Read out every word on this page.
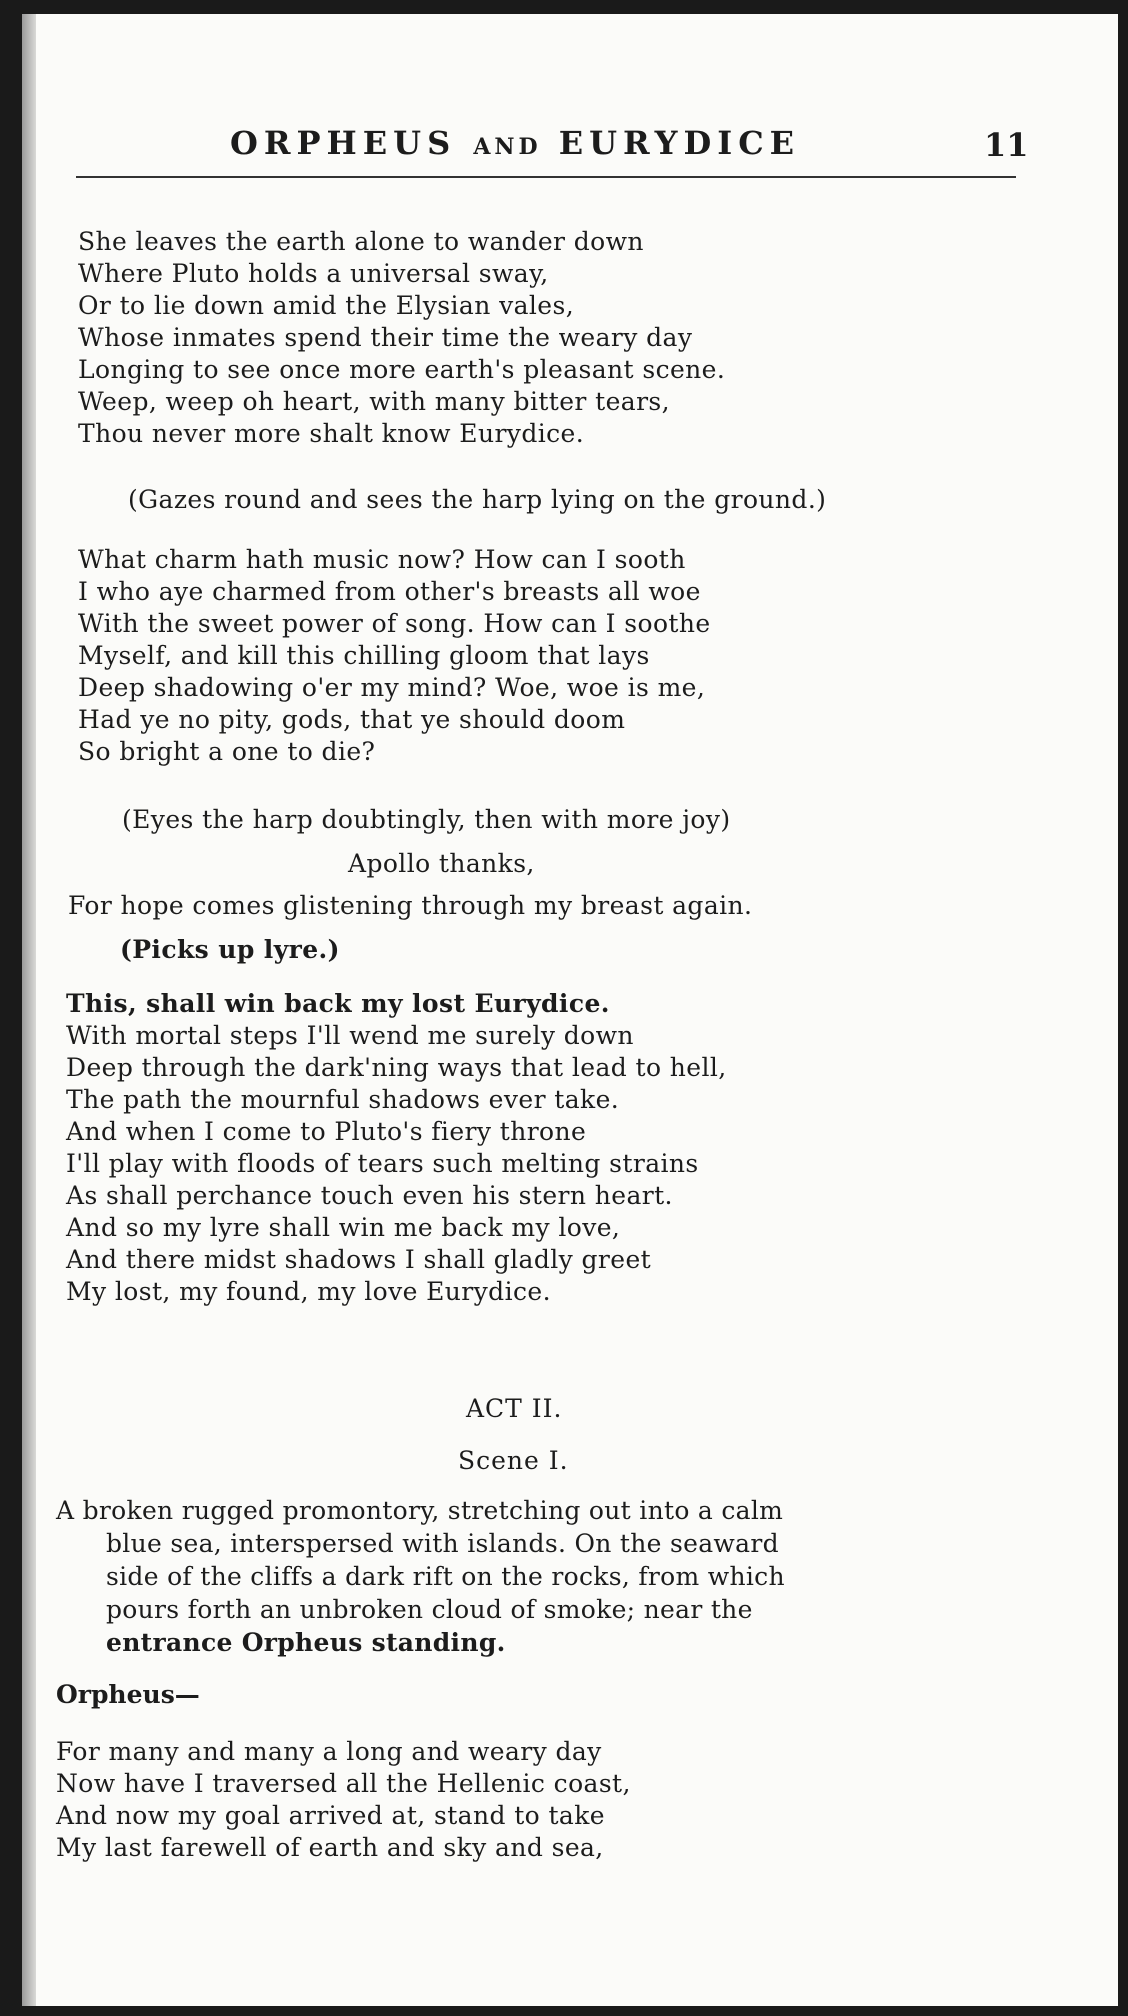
ORPHEUS AND EURYDICE	11
She leaves the earth alone to wander down
Where Pluto holds a universal sway,
Or to lie down amid the Elysian vales,
Whose inmates spend their time the weary day
Longing to see once more earth's pleasant scene.
Weep, weep oh heart, with many bitter tears,
Thou never more shalt know Eurydice.
(Gazes round and sees the harp lying on the ground.)
What charm hath music now? How can I sooth
I who aye charmed from other's breasts all woe
With the sweet power of song. How can I soothe
Myself, and kill this chilling gloom that lays
Deep shadowing o'er my mind? Woe, woe is me,
Had ye no pity, gods, that ye should doom
So bright a one to die?
(Eyes the harp doubtingly, then with more joy)
Apollo thanks,
For hope comes glistening through my breast again.
(Picks up lyre.)
This, shall win back my lost Eurydice.
With mortal steps I'll wend me surely down
Deep through the dark'ning ways that lead to hell,
The path the mournful shadows ever take.
And when I come to Pluto's fiery throne
I'll play with floods of tears such melting strains
As shall perchance touch even his stern heart.
And so my lyre shall win me back my love,
And there midst shadows I shall gladly greet
My lost, my found, my love Eurydice.
ACT II.
Scene I.
A broken rugged promontory, stretching out into a calm
blue sea, interspersed with islands. On the seaward
side of the cliffs a dark rift on the rocks, from which
pours forth an unbroken cloud of smoke; near the
entrance Orpheus standing.
Orpheus—
For many and many a long and weary day
Now have I traversed all the Hellenic coast,
And now my goal arrived at, stand to take
My last farewell of earth and sky and sea,
